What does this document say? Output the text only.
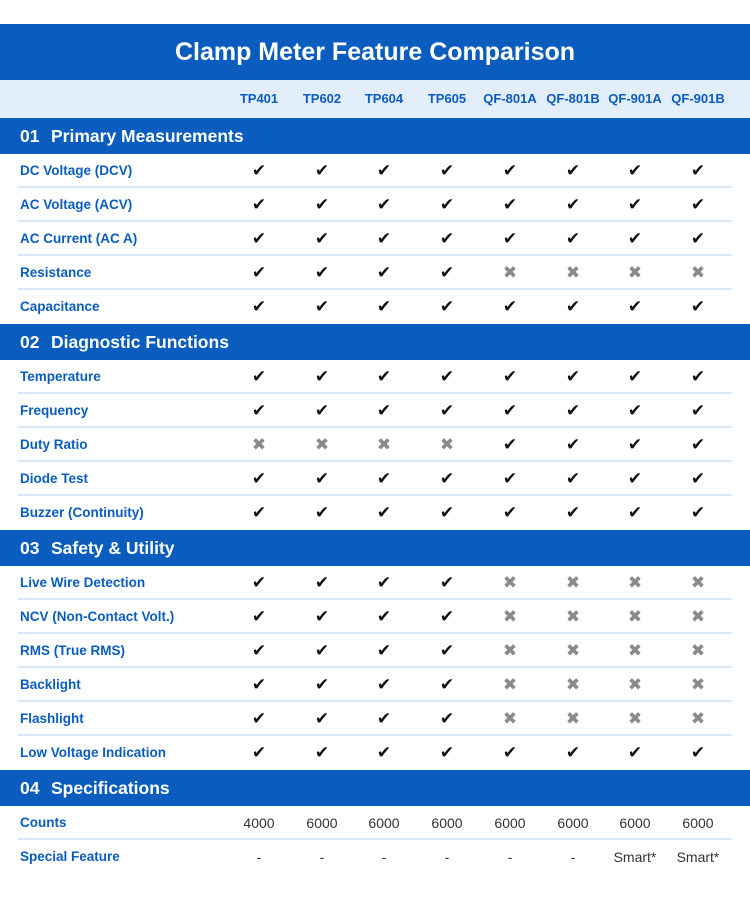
Clamp Meter Feature Comparison
TP401	TP602	TP604	TP605	QF-801A QF-801B QF-901A QF-901B
01 Primary Measurements
DC Voltage (DCV)	✔	✔	✔	✔	✔	✔	✔	✔
AC Voltage (ACV)	✔	✔	✔	✔	✔	✔	✔	✔
AC Current (AC A)	✔	✔	✔	✔	✔	✔	✔	✔
Resistance	✔	✔	✔	✔	✖	✖	✖	✖
Capacitance	✔	✔	✔	✔	✔	✔	✔	✔
02 Diagnostic Functions
Temperature	✔	✔	✔	✔	✔	✔	✔	✔
Frequency	✔	✔	✔	✔	✔	✔	✔	✔
Duty Ratio	✖	✖	✖	✖	✔	✔	✔	✔
Diode Test	✔	✔	✔	✔	✔	✔	✔	✔
Buzzer (Continuity)	✔	✔	✔	✔	✔	✔	✔	✔
03 Safety & Utility
Live Wire Detection	✔	✔	✔	✔	✖	✖	✖	✖
NCV (Non-Contact Volt.)	✔	✔	✔	✔	✖	✖	✖	✖
RMS (True RMS)	✔	✔	✔	✔	✖	✖	✖	✖
Backlight	✔	✔	✔	✔	✖	✖	✖	✖
Flashlight	✔	✔	✔	✔	✖	✖	✖	✖
Low Voltage Indication	✔	✔	✔	✔	✔	✔	✔	✔
04 Specifications
Counts	4000	6000	6000	6000	6000	6000	6000	6000
Special Feature	-	-	-	-	-	-	Smart*	Smart*
